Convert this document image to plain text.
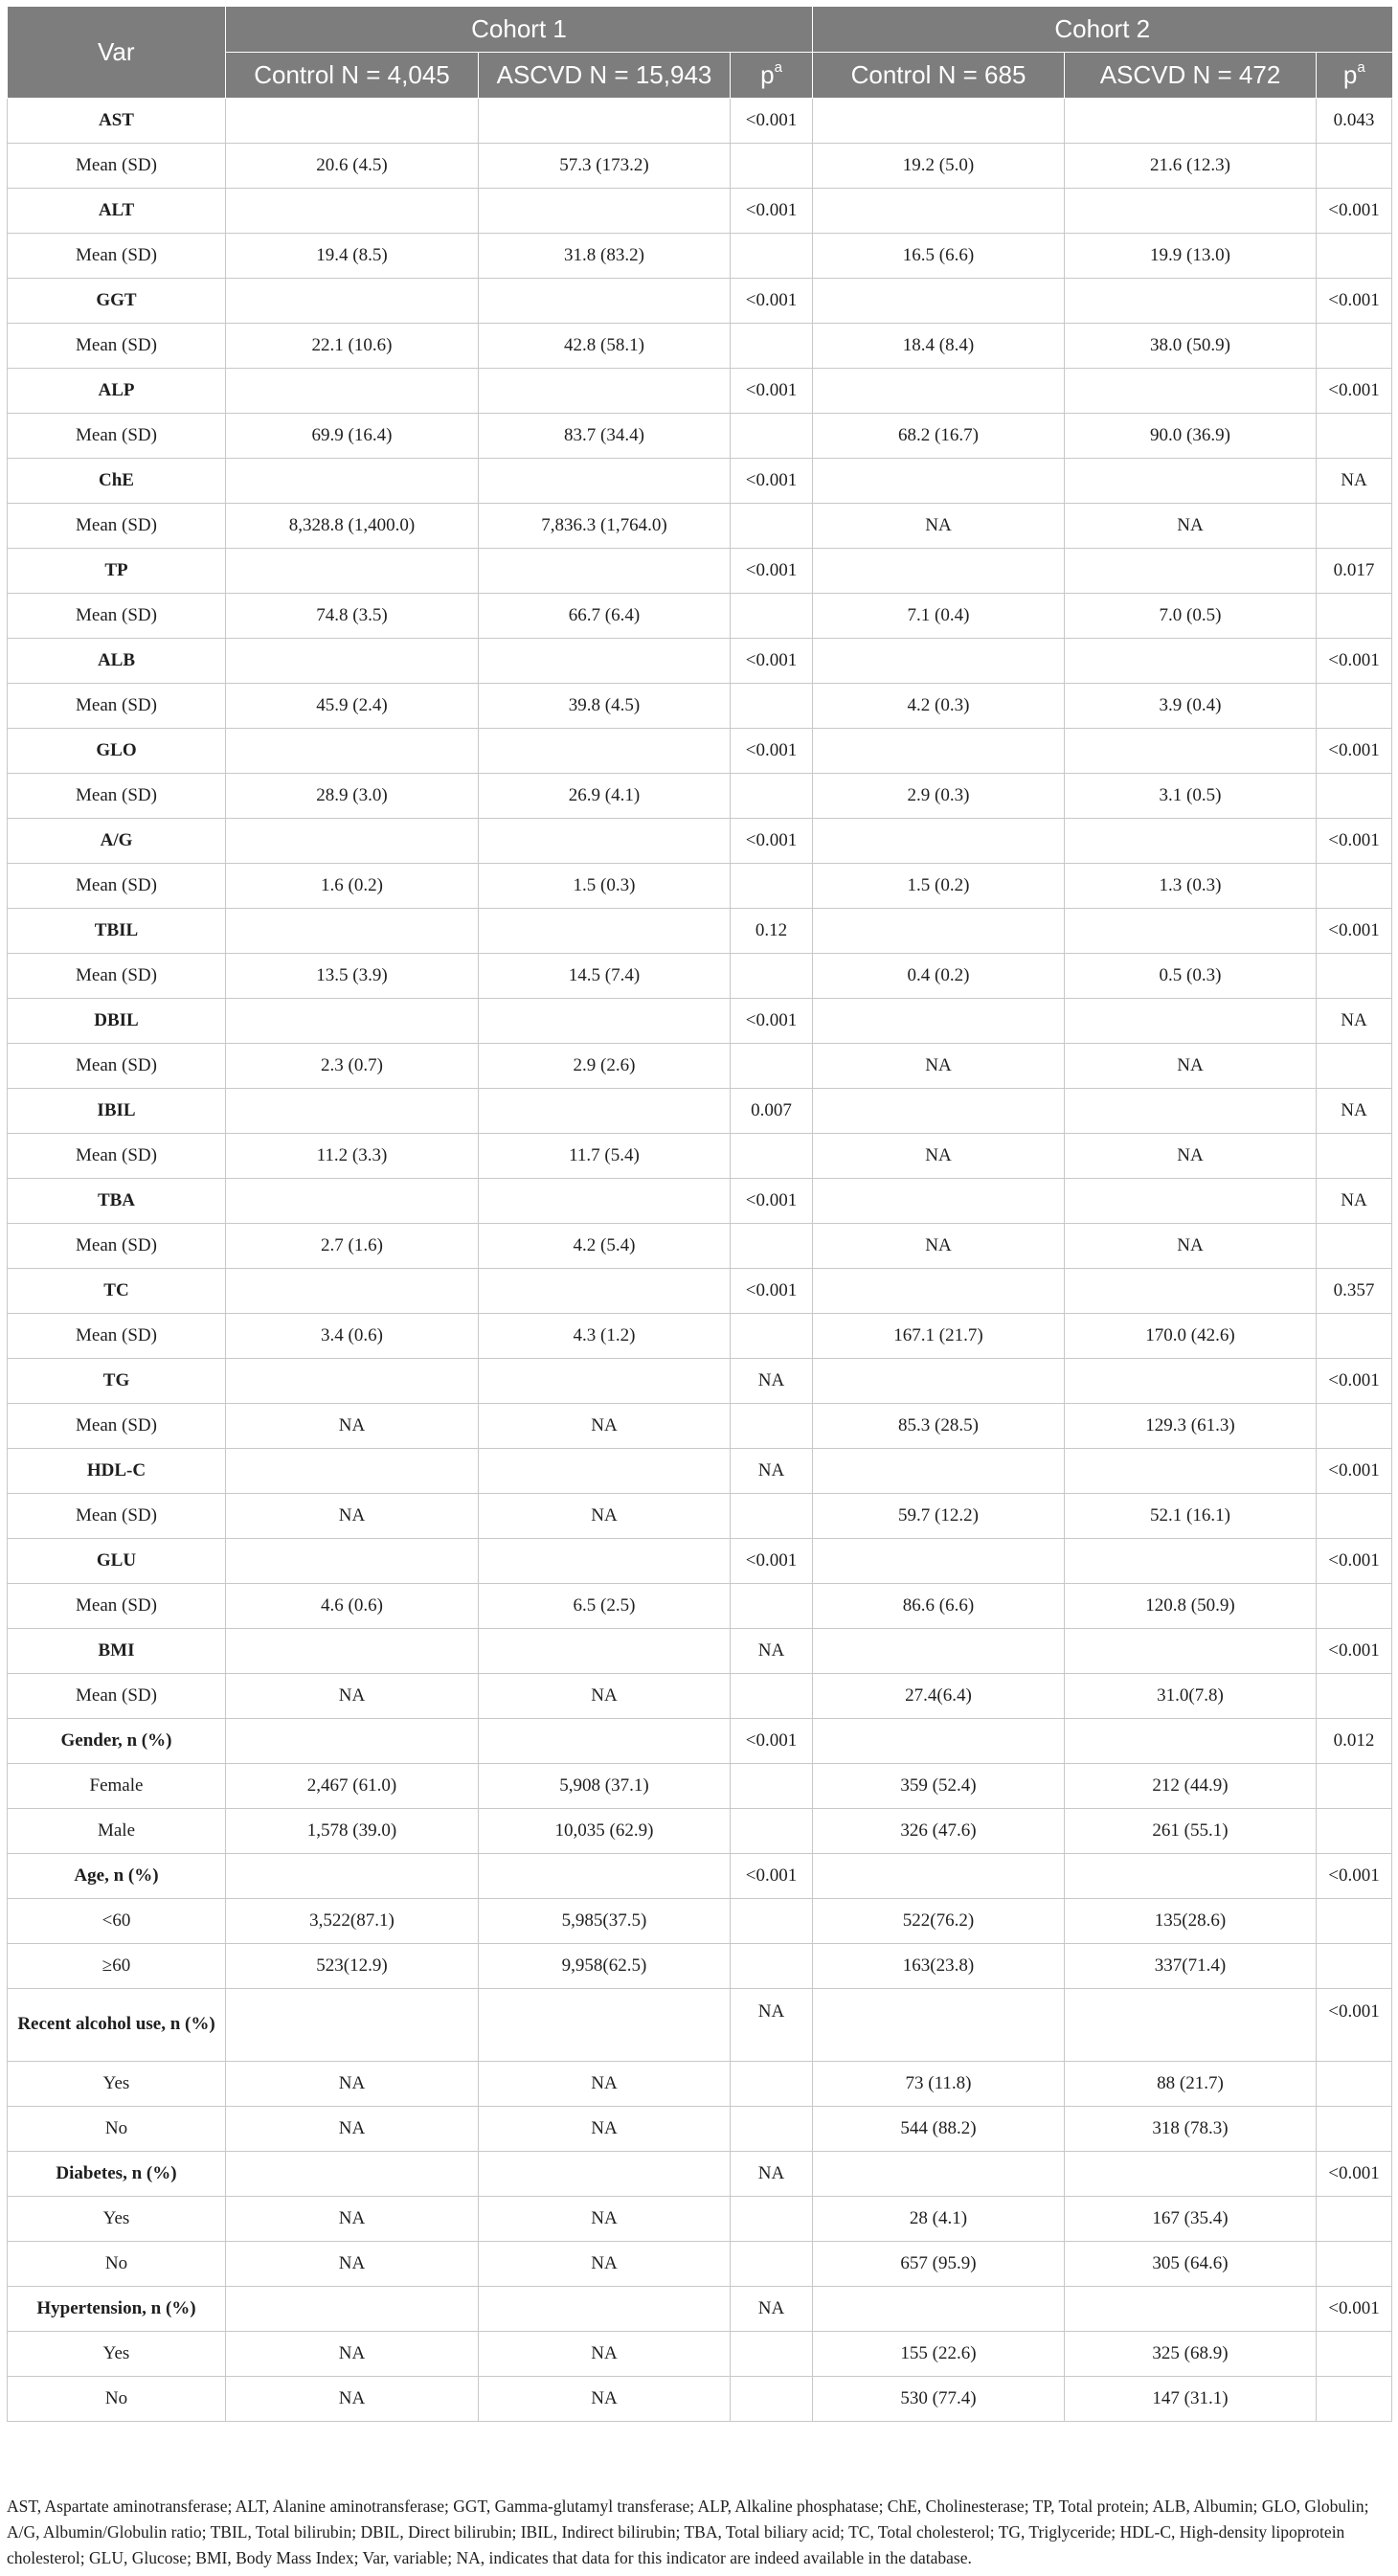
Var	Cohort 1			Cohort 2		
	Control N = 4,045	ASCVD N = 15,943	$p^a$	Control N = 685	ASCVD N = 472	$p^a$
AST			<0.001			0.043
Mean (SD)	20.6 (4.5)	57.3 (173.2)		19.2 (5.0)	21.6 (12.3)	
ALT			<0.001			<0.001
Mean (SD)	19.4 (8.5)	31.8 (83.2)		16.5 (6.6)	19.9 (13.0)	
GGT			<0.001			<0.001
Mean (SD)	22.1 (10.6)	42.8 (58.1)		18.4 (8.4)	38.0 (50.9)	
ALP			<0.001			<0.001
Mean (SD)	69.9 (16.4)	83.7 (34.4)		68.2 (16.7)	90.0 (36.9)	
ChE			<0.001			NA
Mean (SD)	8,328.8 (1,400.0)	7,836.3 (1,764.0)		NA	NA	
TP			<0.001			0.017
Mean (SD)	74.8 (3.5)	66.7 (6.4)		7.1 (0.4)	7.0 (0.5)	
ALB			<0.001			<0.001
Mean (SD)	45.9 (2.4)	39.8 (4.5)		4.2 (0.3)	3.9 (0.4)	
GLO			<0.001			<0.001
Mean (SD)	28.9 (3.0)	26.9 (4.1)		2.9 (0.3)	3.1 (0.5)	
A/G			<0.001			<0.001
Mean (SD)	1.6 (0.2)	1.5 (0.3)		1.5 (0.2)	1.3 (0.3)	
TBIL			0.12			<0.001
Mean (SD)	13.5 (3.9)	14.5 (7.4)		0.4 (0.2)	0.5 (0.3)	
DBIL			<0.001			NA
Mean (SD)	2.3 (0.7)	2.9 (2.6)		NA	NA	
IBIL			0.007			NA
Mean (SD)	11.2 (3.3)	11.7 (5.4)		NA	NA	
TBA			<0.001			NA
Mean (SD)	2.7 (1.6)	4.2 (5.4)		NA	NA	
TC			<0.001			0.357
Mean (SD)	3.4 (0.6)	4.3 (1.2)		167.1 (21.7)	170.0 (42.6)	
TG			NA			<0.001
Mean (SD)	NA	NA		85.3 (28.5)	129.3 (61.3)	
HDL-C			NA			<0.001
Mean (SD)	NA	NA		59.7 (12.2)	52.1 (16.1)	
GLU			<0.001			<0.001
Mean (SD)	4.6 (0.6)	6.5 (2.5)		86.6 (6.6)	120.8 (50.9)	
BMI			NA			<0.001
Mean (SD)	NA	NA		27.4(6.4)	31.0(7.8)	
Gender, n (%)			<0.001			0.012
Female	2,467 (61.0)	5,908 (37.1)		359 (52.4)	212 (44.9)	
Male	1,578 (39.0)	10,035 (62.9)		326 (47.6)	261 (55.1)	
Age, n (%)			<0.001			<0.001
<60	3,522(87.1)	5,985(37.5)		522(76.2)	135(28.6)	
≥60	523(12.9)	9,958(62.5)		163(23.8)	337(71.4)	
Recent alcohol use, n (%)			NA			<0.001
Yes	NA	NA		73 (11.8)	88 (21.7)	
No	NA	NA		544 (88.2)	318 (78.3)	
Diabetes, n (%)			NA			<0.001
Yes	NA	NA		28 (4.1)	167 (35.4)	
No	NA	NA		657 (95.9)	305 (64.6)	
Hypertension, n (%)			NA			<0.001
Yes	NA	NA		155 (22.6)	325 (68.9)	
No	NA	NA		530 (77.4)	147 (31.1)	
AST, Aspartate aminotransferase; ALT, Alanine aminotransferase; GGT, Gamma-glutamyl transferase; ALP, Alkaline phosphatase; ChE, Cholinesterase; TP, Total protein; ALB, Albumin; GLO, Globulin; A/G, Albumin/Globulin ratio; TBIL, Total bilirubin; DBIL, Direct bilirubin; IBIL, Indirect bilirubin; TBA, Total biliary acid; TC, Total cholesterol; TG, Triglyceride; HDL-C, High-density lipoprotein cholesterol; GLU, Glucose; BMI, Body Mass Index; Var, variable; NA, indicates that data for this indicator are indeed available in the database.
